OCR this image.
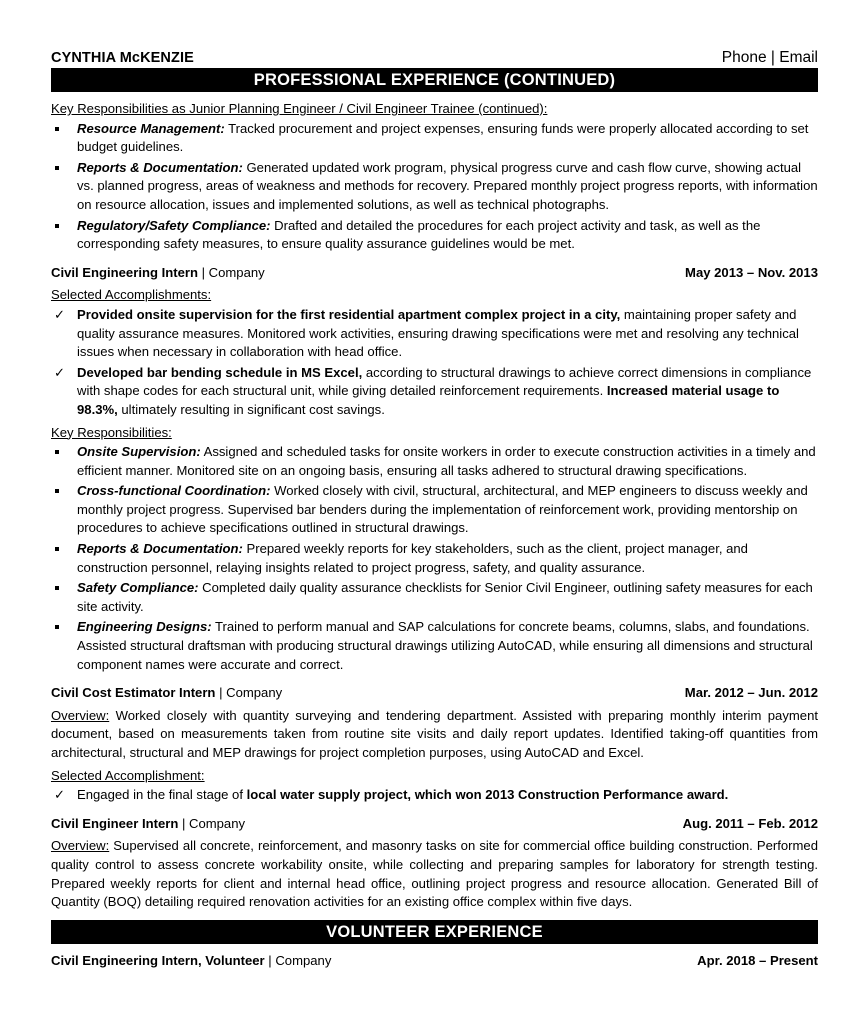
CYNTHIA McKENZIE	Phone | Email
PROFESSIONAL EXPERIENCE (CONTINUED)
Key Responsibilities as Junior Planning Engineer / Civil Engineer Trainee (continued):
Resource Management: Tracked procurement and project expenses, ensuring funds were properly allocated according to set budget guidelines.
Reports & Documentation: Generated updated work program, physical progress curve and cash flow curve, showing actual vs. planned progress, areas of weakness and methods for recovery. Prepared monthly project progress reports, with information on resource allocation, issues and implemented solutions, as well as technical photographs.
Regulatory/Safety Compliance: Drafted and detailed the procedures for each project activity and task, as well as the corresponding safety measures, to ensure quality assurance guidelines would be met.
Civil Engineering Intern | Company	May 2013 – Nov. 2013
Selected Accomplishments:
✓ Provided onsite supervision for the first residential apartment complex project in a city, maintaining proper safety and quality assurance measures. Monitored work activities, ensuring drawing specifications were met and resolving any technical issues when necessary in collaboration with head office.
✓ Developed bar bending schedule in MS Excel, according to structural drawings to achieve correct dimensions in compliance with shape codes for each structural unit, while giving detailed reinforcement requirements. Increased material usage to 98.3%, ultimately resulting in significant cost savings.
Key Responsibilities:
Onsite Supervision: Assigned and scheduled tasks for onsite workers in order to execute construction activities in a timely and efficient manner. Monitored site on an ongoing basis, ensuring all tasks adhered to structural drawing specifications.
Cross-functional Coordination: Worked closely with civil, structural, architectural, and MEP engineers to discuss weekly and monthly project progress. Supervised bar benders during the implementation of reinforcement work, providing mentorship on procedures to achieve specifications outlined in structural drawings.
Reports & Documentation: Prepared weekly reports for key stakeholders, such as the client, project manager, and construction personnel, relaying insights related to project progress, safety, and quality assurance.
Safety Compliance: Completed daily quality assurance checklists for Senior Civil Engineer, outlining safety measures for each site activity.
Engineering Designs: Trained to perform manual and SAP calculations for concrete beams, columns, slabs, and foundations. Assisted structural draftsman with producing structural drawings utilizing AutoCAD, while ensuring all dimensions and structural component names were accurate and correct.
Civil Cost Estimator Intern | Company	Mar. 2012 – Jun. 2012
Overview: Worked closely with quantity surveying and tendering department. Assisted with preparing monthly interim payment document, based on measurements taken from routine site visits and daily report updates. Identified taking-off quantities from architectural, structural and MEP drawings for project completion purposes, using AutoCAD and Excel.
Selected Accomplishment:
✓ Engaged in the final stage of local water supply project, which won 2013 Construction Performance award.
Civil Engineer Intern | Company	Aug. 2011 – Feb. 2012
Overview: Supervised all concrete, reinforcement, and masonry tasks on site for commercial office building construction. Performed quality control to assess concrete workability onsite, while collecting and preparing samples for laboratory for strength testing. Prepared weekly reports for client and internal head office, outlining project progress and resource allocation. Generated Bill of Quantity (BOQ) detailing required renovation activities for an existing office complex within five days.
VOLUNTEER EXPERIENCE
Civil Engineering Intern, Volunteer | Company	Apr. 2018 – Present
